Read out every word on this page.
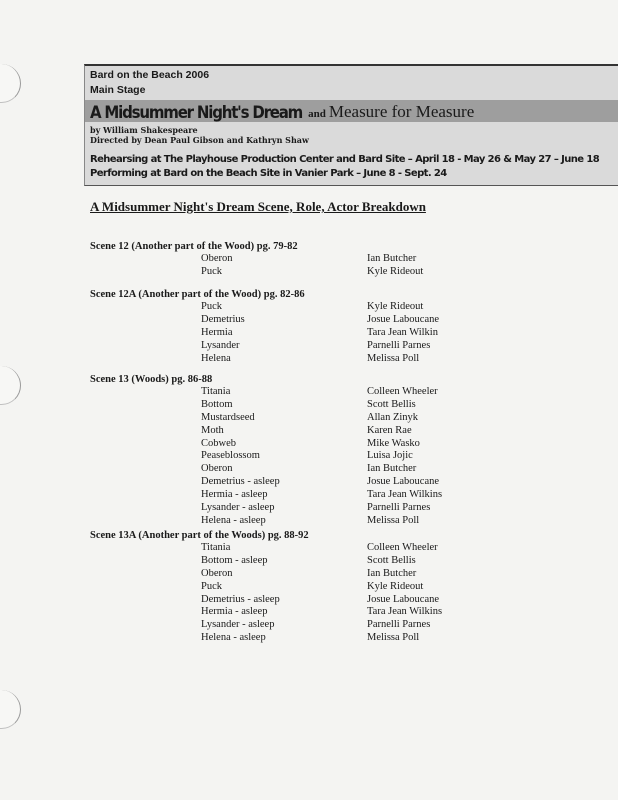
Bard on the Beach 2006
Main Stage
A Midsummer Night's Dream and Measure for Measure
by William Shakespeare
Directed by Dean Paul Gibson and Kathryn Shaw
Rehearsing at The Playhouse Production Center and Bard Site – April 18 - May 26 & May 27 – June 18
Performing at Bard on the Beach Site in Vanier Park – June 8 - Sept. 24
A Midsummer Night's Dream Scene, Role, Actor Breakdown
Scene 12 (Another part of the Wood) pg. 79-82
Oberon	Ian Butcher
Puck	Kyle Rideout
Scene 12A (Another part of the Wood) pg. 82-86
Puck	Kyle Rideout
Demetrius	Josue Laboucane
Hermia	Tara Jean Wilkin
Lysander	Parnelli Parnes
Helena	Melissa Poll
Scene 13 (Woods) pg. 86-88
Titania	Colleen Wheeler
Bottom	Scott Bellis
Mustardseed	Allan Zinyk
Moth	Karen Rae
Cobweb	Mike Wasko
Peaseblossom	Luisa Jojic
Oberon	Ian Butcher
Demetrius - asleep	Josue Laboucane
Hermia - asleep	Tara Jean Wilkins
Lysander - asleep	Parnelli Parnes
Helena - asleep	Melissa Poll
Scene 13A (Another part of the Woods) pg. 88-92
Titania	Colleen Wheeler
Bottom - asleep	Scott Bellis
Oberon	Ian Butcher
Puck	Kyle Rideout
Demetrius - asleep	Josue Laboucane
Hermia - asleep	Tara Jean Wilkins
Lysander - asleep	Parnelli Parnes
Helena - asleep	Melissa Poll
